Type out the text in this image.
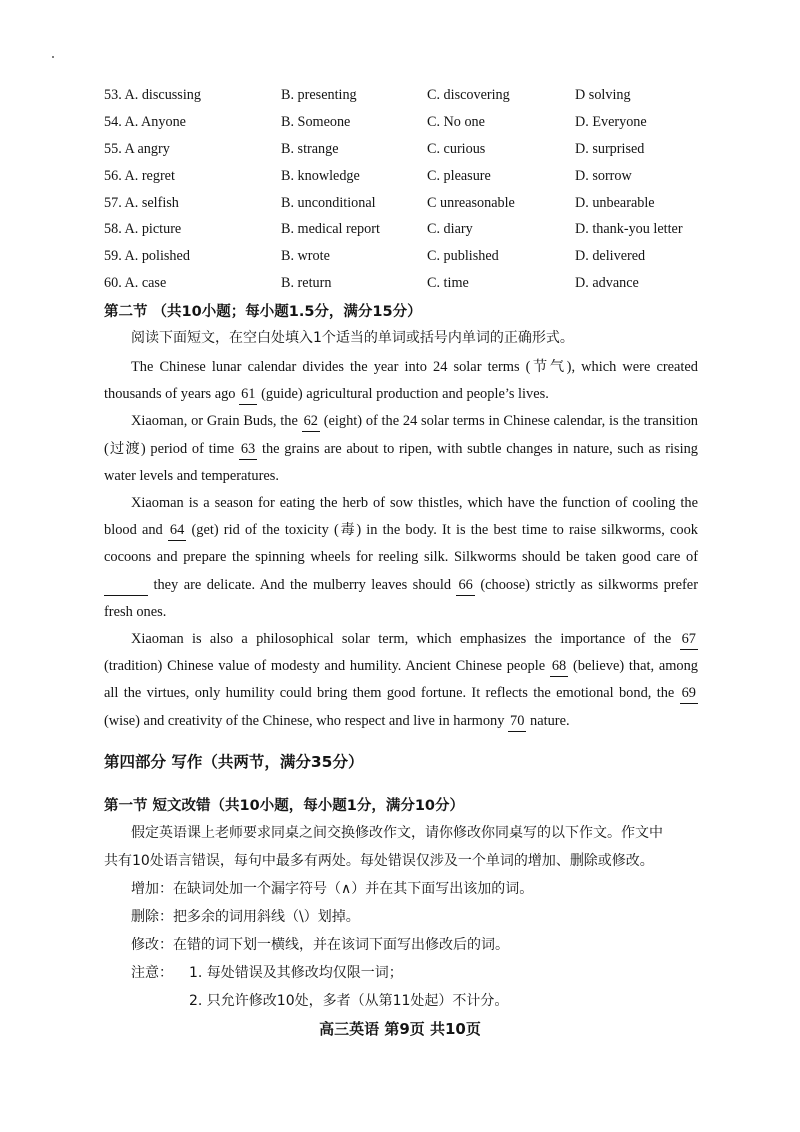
53. A. discussing	B. presenting	C. discovering	D solving
54. A. Anyone	B. Someone	C. No one	D. Everyone
55. A angry	B. strange	C. curious	D. surprised
56. A. regret	B. knowledge	C. pleasure	D. sorrow
57. A. selfish	B. unconditional	C unreasonable	D. unbearable
58. A. picture	B. medical report	C. diary	D. thank-you letter
59. A. polished	B. wrote	C. published	D. delivered
60. A. case	B. return	C. time	D. advance
第二节 （共10小题；每小题1.5分，满分15分）
阅读下面短文，在空白处填入1个适当的单词或括号内单词的正确形式。

The Chinese lunar calendar divides the year into 24 solar terms (节气), which were created thousands of years ago 61 (guide) agricultural production and people’s lives.

Xiaoman, or Grain Buds, the 62 (eight) of the 24 solar terms in Chinese calendar, is the transition (过渡) period of time 63 the grains are about to ripen, with subtle changes in nature, such as rising water levels and temperatures.

Xiaoman is a season for eating the herb of sow thistles, which have the function of cooling the blood and 64 (get) rid of the toxicity (毒) in the body. It is the best time to raise silkworms, cook cocoons and prepare the spinning wheels for reeling silk. Silkworms should be taken good care of  they are delicate. And the mulberry leaves should 66 (choose) strictly as silkworms prefer fresh ones.

Xiaoman is also a philosophical solar term, which emphasizes the importance of the 67 (tradition) Chinese value of modesty and humility. Ancient Chinese people 68 (believe) that, among all the virtues, only humility could bring them good fortune. It reflects the emotional bond, the 69 (wise) and creativity of the Chinese, who respect and live in harmony 70 nature.

第四部分 写作（共两节，满分35分）
第一节 短文改错（共10小题，每小题1分，满分10分）
假定英语课上老师要求同桌之间交换修改作文，请你修改你同桌写的以下作文。作文中
共有10处语言错误，每句中最多有两处。每处错误仅涉及一个单词的增加、删除或修改。
增加：在缺词处加一个漏字符号（∧）并在其下面写出该加的词。
删除：把多余的词用斜线（\）划掉。
修改：在错的词下划一横线，并在该词下面写出修改后的词。
注意： 1. 每处错误及其修改均仅限一词；
2. 只允许修改10处，多者（从第11处起）不计分。
高三英语 第9页 共10页
